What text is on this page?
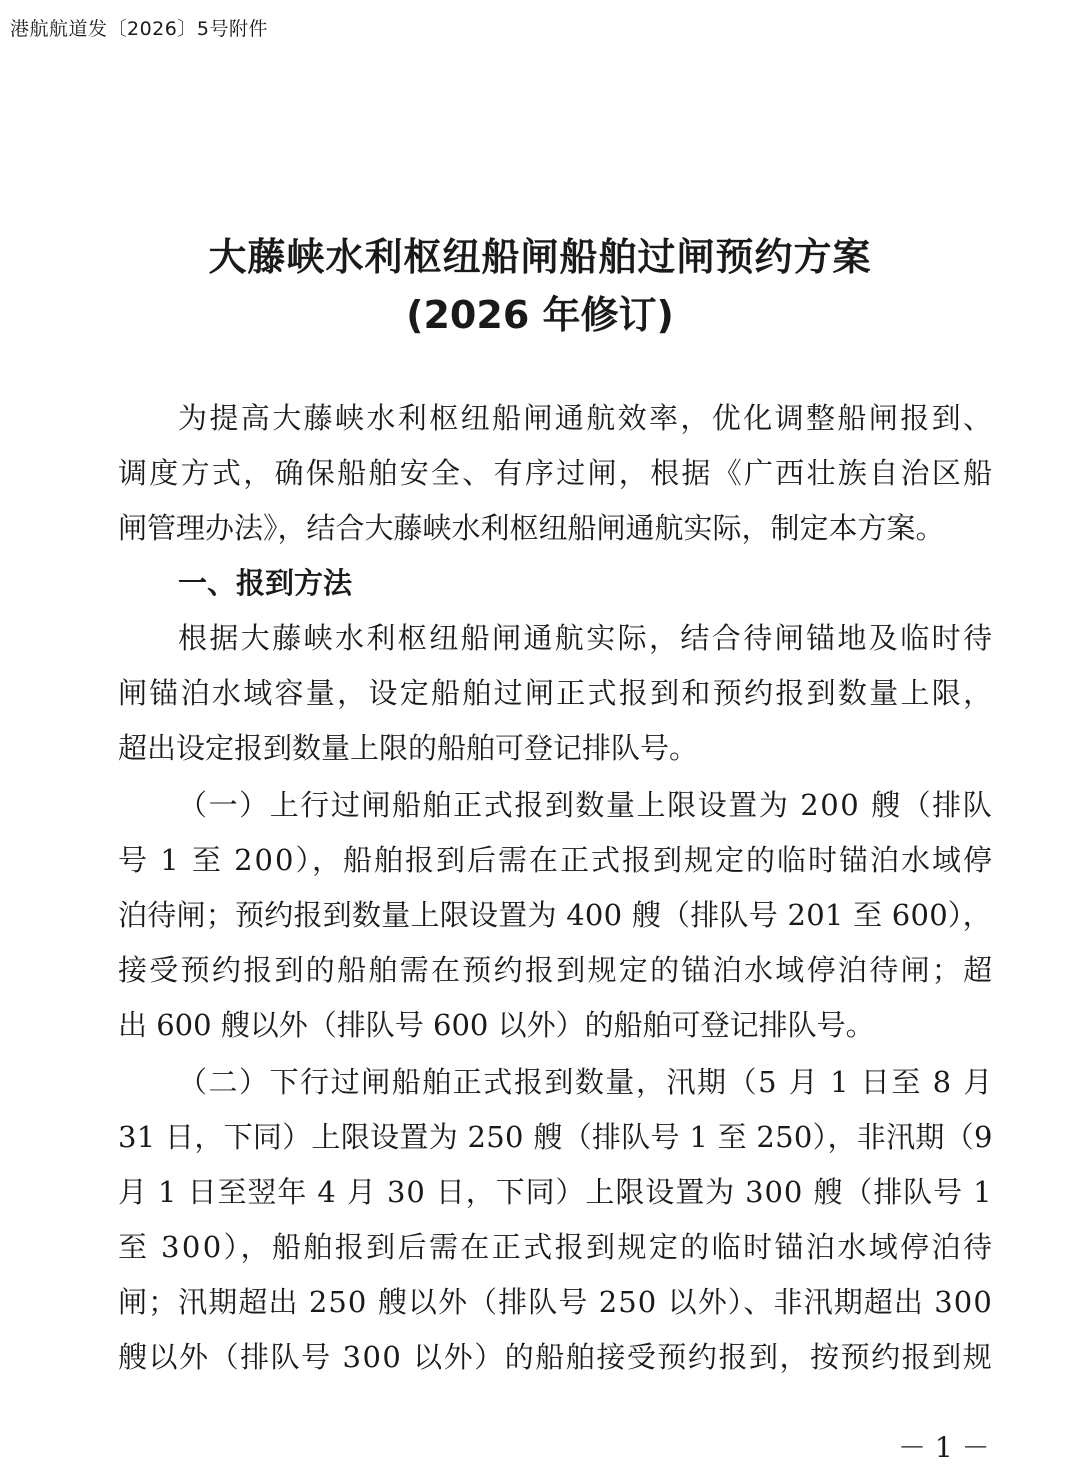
港航航道发〔2026〕5号附件
大藤峡水利枢纽船闸船舶过闸预约方案
(2026 年修订)
为提高大藤峡水利枢纽船闸通航效率，优化调整船闸报到、
调度方式，确保船舶安全、有序过闸，根据《广西壮族自治区船
闸管理办法》，结合大藤峡水利枢纽船闸通航实际，制定本方案。
一、报到方法
根据大藤峡水利枢纽船闸通航实际，结合待闸锚地及临时待
闸锚泊水域容量，设定船舶过闸正式报到和预约报到数量上限，
超出设定报到数量上限的船舶可登记排队号。
（一）上行过闸船舶正式报到数量上限设置为 200 艘（排队
号 1 至 200），船舶报到后需在正式报到规定的临时锚泊水域停
泊待闸；预约报到数量上限设置为 400 艘（排队号 201 至 600），
接受预约报到的船舶需在预约报到规定的锚泊水域停泊待闸；超
出 600 艘以外（排队号 600 以外）的船舶可登记排队号。
（二）下行过闸船舶正式报到数量，汛期（5 月 1 日至 8 月
31 日，下同）上限设置为 250 艘（排队号 1 至 250），非汛期（9
月 1 日至翌年 4 月 30 日，下同）上限设置为 300 艘（排队号 1
至 300），船舶报到后需在正式报到规定的临时锚泊水域停泊待
闸；汛期超出 250 艘以外（排队号 250 以外）、非汛期超出 300
艘以外（排队号 300 以外）的船舶接受预约报到，按预约报到规
－ 1 －
